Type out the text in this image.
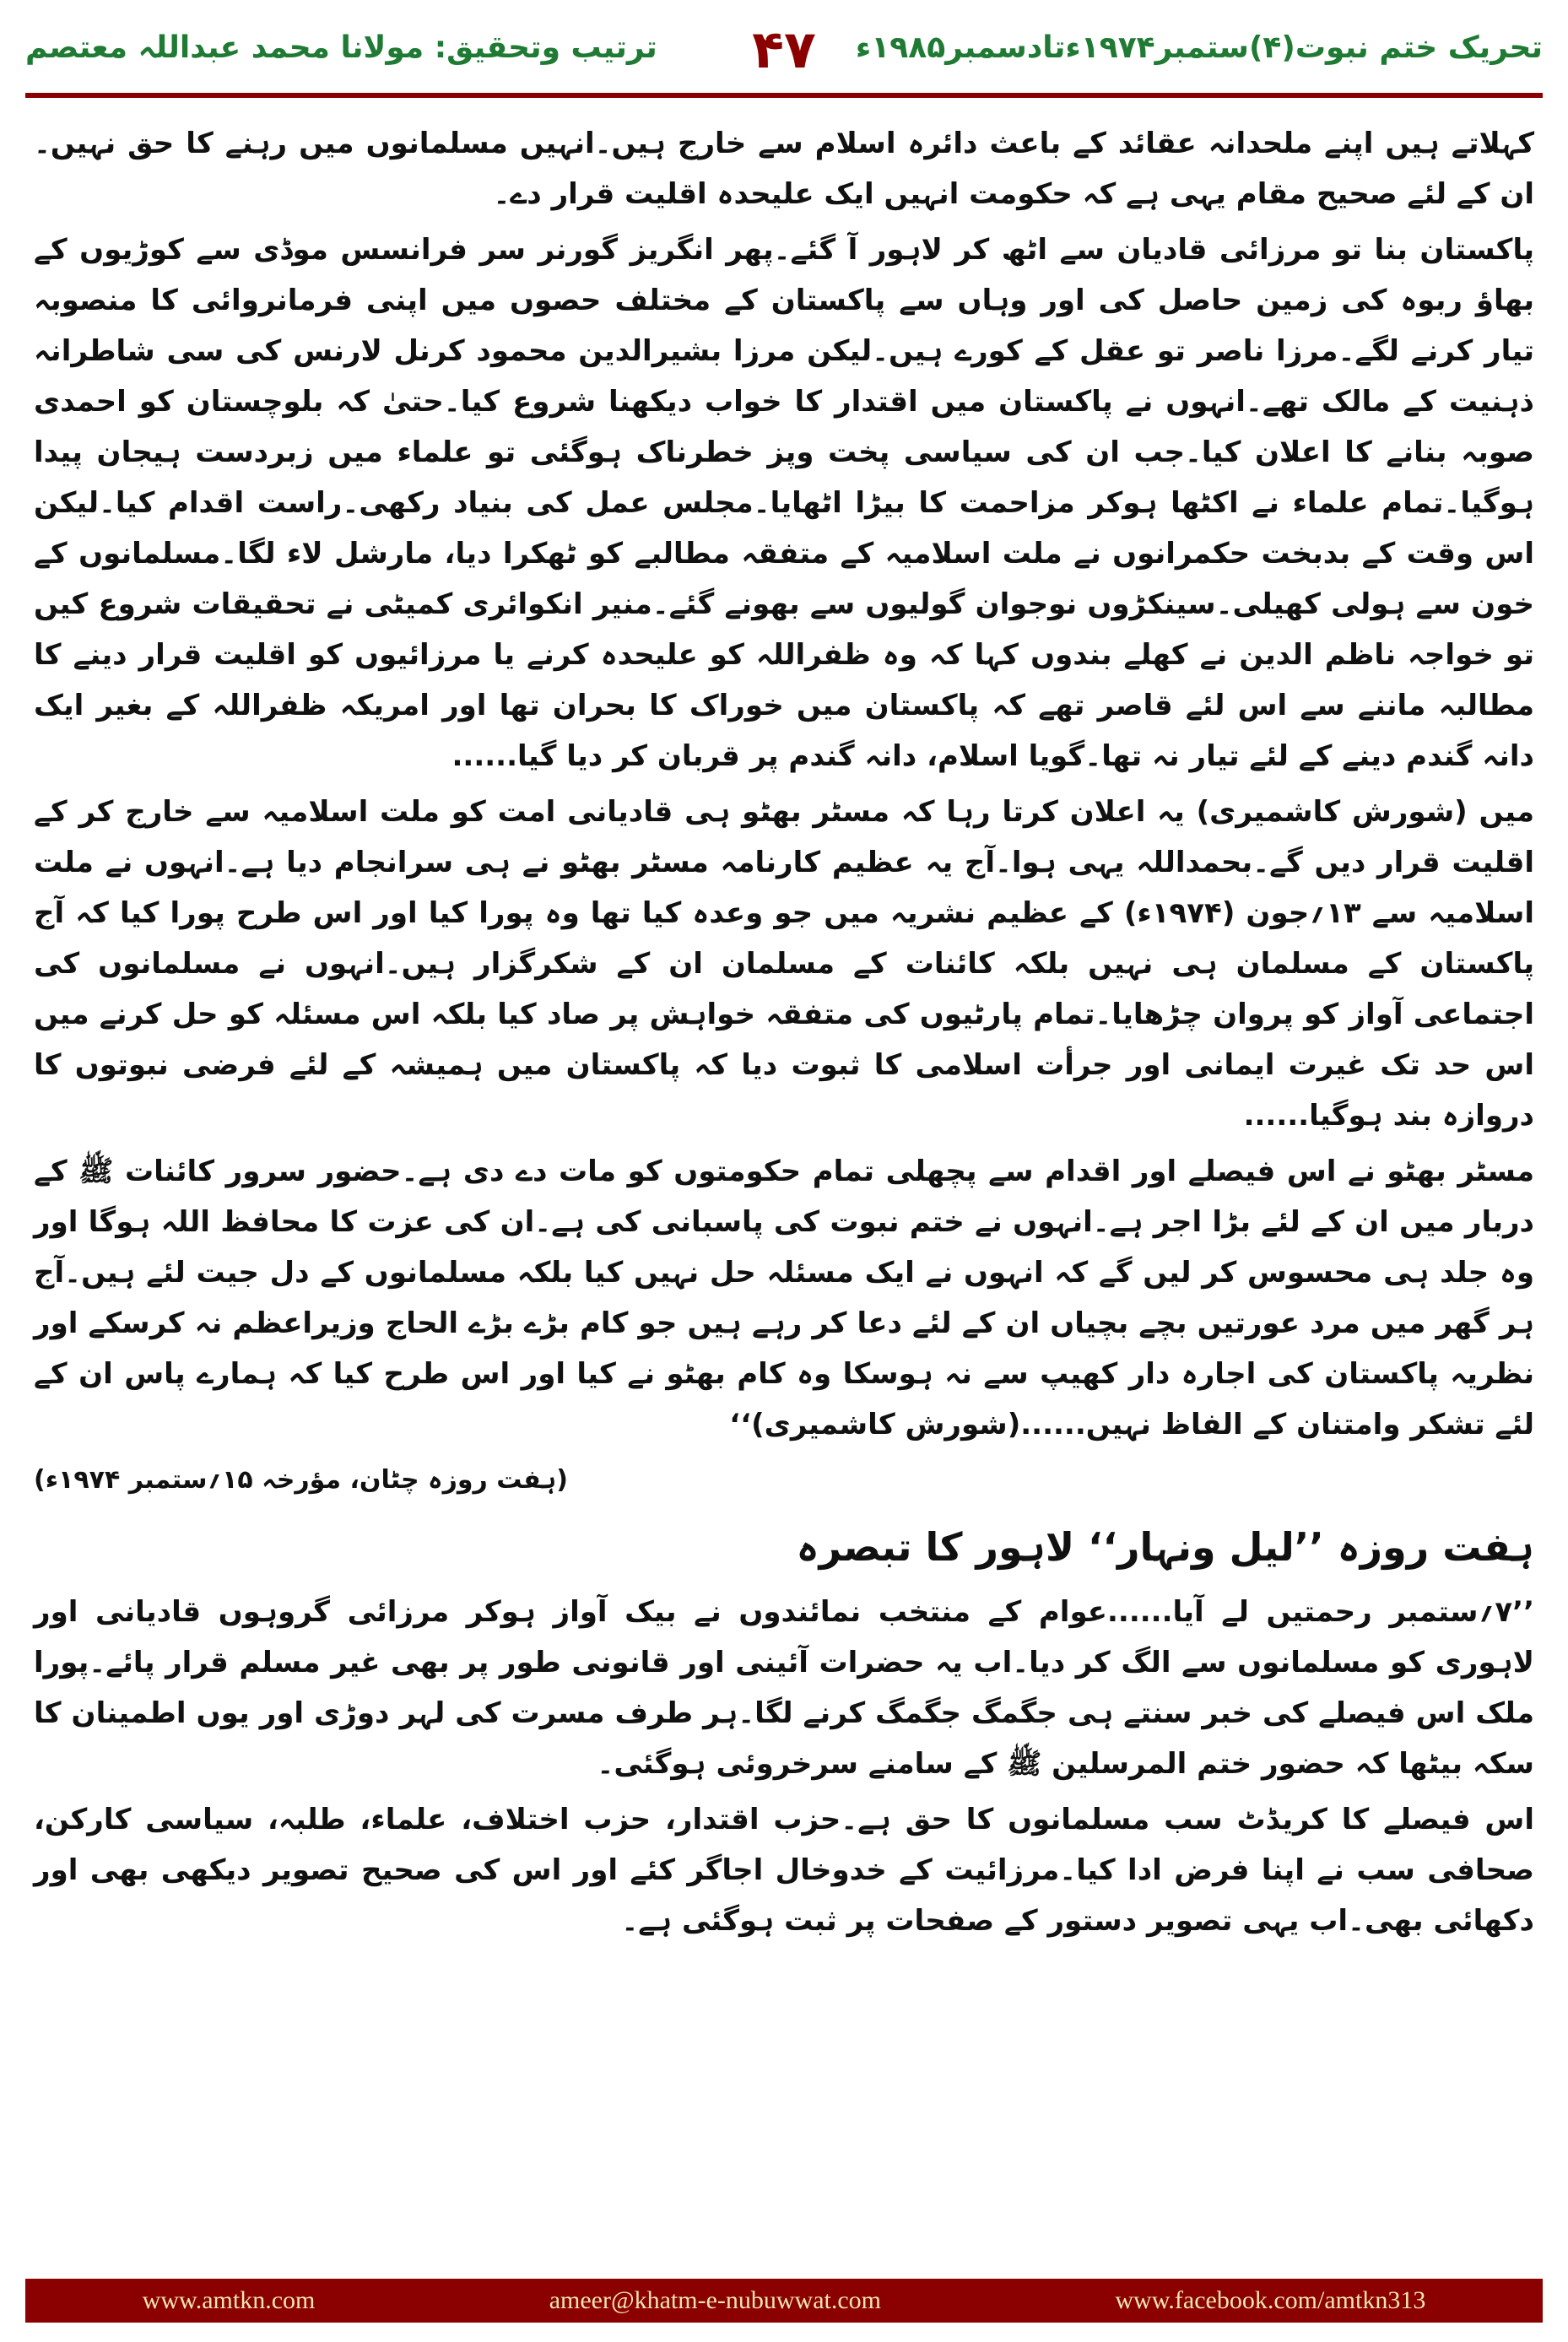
تحریک ختم نبوت(۴)ستمبر۱۹۷۴ءتادسمبر۱۹۸۵ء
۴۷
ترتیب وتحقیق: مولانا محمد عبداللہ معتصم

کہلاتے ہیں اپنے ملحدانہ عقائد کے باعث دائرہ اسلام سے خارج ہیں۔انہیں مسلمانوں میں رہنے کا حق نہیں۔ان کے لئے صحیح مقام یہی ہے کہ حکومت انہیں ایک علیحدہ اقلیت قرار دے۔

پاکستان بنا تو مرزائی قادیان سے اٹھ کر لاہور آ گئے۔پھر انگریز گورنر سر فرانسس موڈی سے کوڑیوں کے بھاؤ ربوہ کی زمین حاصل کی اور وہاں سے پاکستان کے مختلف حصوں میں اپنی فرمانروائی کا منصوبہ تیار کرنے لگے۔مرزا ناصر تو عقل کے کورے ہیں۔لیکن مرزا بشیرالدین محمود کرنل لارنس کی سی شاطرانہ ذہنیت کے مالک تھے۔انہوں نے پاکستان میں اقتدار کا خواب دیکھنا شروع کیا۔حتیٰ کہ بلوچستان کو احمدی صوبہ بنانے کا اعلان کیا۔جب ان کی سیاسی پخت وپز خطرناک ہوگئی تو علماء میں زبردست ہیجان پیدا ہوگیا۔تمام علماء نے اکٹھا ہوکر مزاحمت کا بیڑا اٹھایا۔مجلس عمل کی بنیاد رکھی۔راست اقدام کیا۔لیکن اس وقت کے بدبخت حکمرانوں نے ملت اسلامیہ کے متفقہ مطالبے کو ٹھکرا دیا، مارشل لاء لگا۔مسلمانوں کے خون سے ہولی کھیلی۔سینکڑوں نوجوان گولیوں سے بھونے گئے۔منیر انکوائری کمیٹی نے تحقیقات شروع کیں تو خواجہ ناظم الدین نے کھلے بندوں کہا کہ وہ ظفراللہ کو علیحدہ کرنے یا مرزائیوں کو اقلیت قرار دینے کا مطالبہ ماننے سے اس لئے قاصر تھے کہ پاکستان میں خوراک کا بحران تھا اور امریکہ ظفراللہ کے بغیر ایک دانہ گندم دینے کے لئے تیار نہ تھا۔گویا اسلام، دانہ گندم پر قربان کر دیا گیا......

میں (شورش کاشمیری) یہ اعلان کرتا رہا کہ مسٹر بھٹو ہی قادیانی امت کو ملت اسلامیہ سے خارج کر کے اقلیت قرار دیں گے۔بحمداللہ یہی ہوا۔آج یہ عظیم کارنامہ مسٹر بھٹو نے ہی سرانجام دیا ہے۔انہوں نے ملت اسلامیہ سے ۱۳؍جون (۱۹۷۴ء) کے عظیم نشریہ میں جو وعدہ کیا تھا وہ پورا کیا اور اس طرح پورا کیا کہ آج پاکستان کے مسلمان ہی نہیں بلکہ کائنات کے مسلمان ان کے شکرگزار ہیں۔انہوں نے مسلمانوں کی اجتماعی آواز کو پروان چڑھایا۔تمام پارٹیوں کی متفقہ خواہش پر صاد کیا بلکہ اس مسئلہ کو حل کرنے میں اس حد تک غیرت ایمانی اور جرأت اسلامی کا ثبوت دیا کہ پاکستان میں ہمیشہ کے لئے فرضی نبوتوں کا دروازہ بند ہوگیا......

مسٹر بھٹو نے اس فیصلے اور اقدام سے پچھلی تمام حکومتوں کو مات دے دی ہے۔حضور سرور کائنات ﷺ کے دربار میں ان کے لئے بڑا اجر ہے۔انہوں نے ختم نبوت کی پاسبانی کی ہے۔ان کی عزت کا محافظ اللہ ہوگا اور وہ جلد ہی محسوس کر لیں گے کہ انہوں نے ایک مسئلہ حل نہیں کیا بلکہ مسلمانوں کے دل جیت لئے ہیں۔آج ہر گھر میں مرد عورتیں بچے بچیاں ان کے لئے دعا کر رہے ہیں جو کام بڑے بڑے الحاج وزیراعظم نہ کرسکے اور نظریہ پاکستان کی اجارہ دار کھیپ سے نہ ہوسکا وہ کام بھٹو نے کیا اور اس طرح کیا کہ ہمارے پاس ان کے لئے تشکر وامتنان کے الفاظ نہیں......(شورش کاشمیری)‘‘

(ہفت روزہ چٹان، مؤرخہ ۱۵؍ستمبر ۱۹۷۴ء)
ہفت روزہ ’’لیل ونہار‘‘ لاہور کا تبصرہ

’’۷؍ستمبر رحمتیں لے آیا......عوام کے منتخب نمائندوں نے بیک آواز ہوکر مرزائی گروہوں قادیانی اور لاہوری کو مسلمانوں سے الگ کر دیا۔اب یہ حضرات آئینی اور قانونی طور پر بھی غیر مسلم قرار پائے۔پورا ملک اس فیصلے کی خبر سنتے ہی جگمگ جگمگ کرنے لگا۔ہر طرف مسرت کی لہر دوڑی اور یوں اطمینان کا سکہ بیٹھا کہ حضور ختم المرسلین ﷺ کے سامنے سرخروئی ہوگئی۔

اس فیصلے کا کریڈٹ سب مسلمانوں کا حق ہے۔حزب اقتدار، حزب اختلاف، علماء، طلبہ، سیاسی کارکن، صحافی سب نے اپنا فرض ادا کیا۔مرزائیت کے خدوخال اجاگر کئے اور اس کی صحیح تصویر دیکھی بھی اور دکھائی بھی۔اب یہی تصویر دستور کے صفحات پر ثبت ہوگئی ہے۔

www.amtkn.com	ameer@khatm-e-nubuwwat.com	www.facebook.com/amtkn313
